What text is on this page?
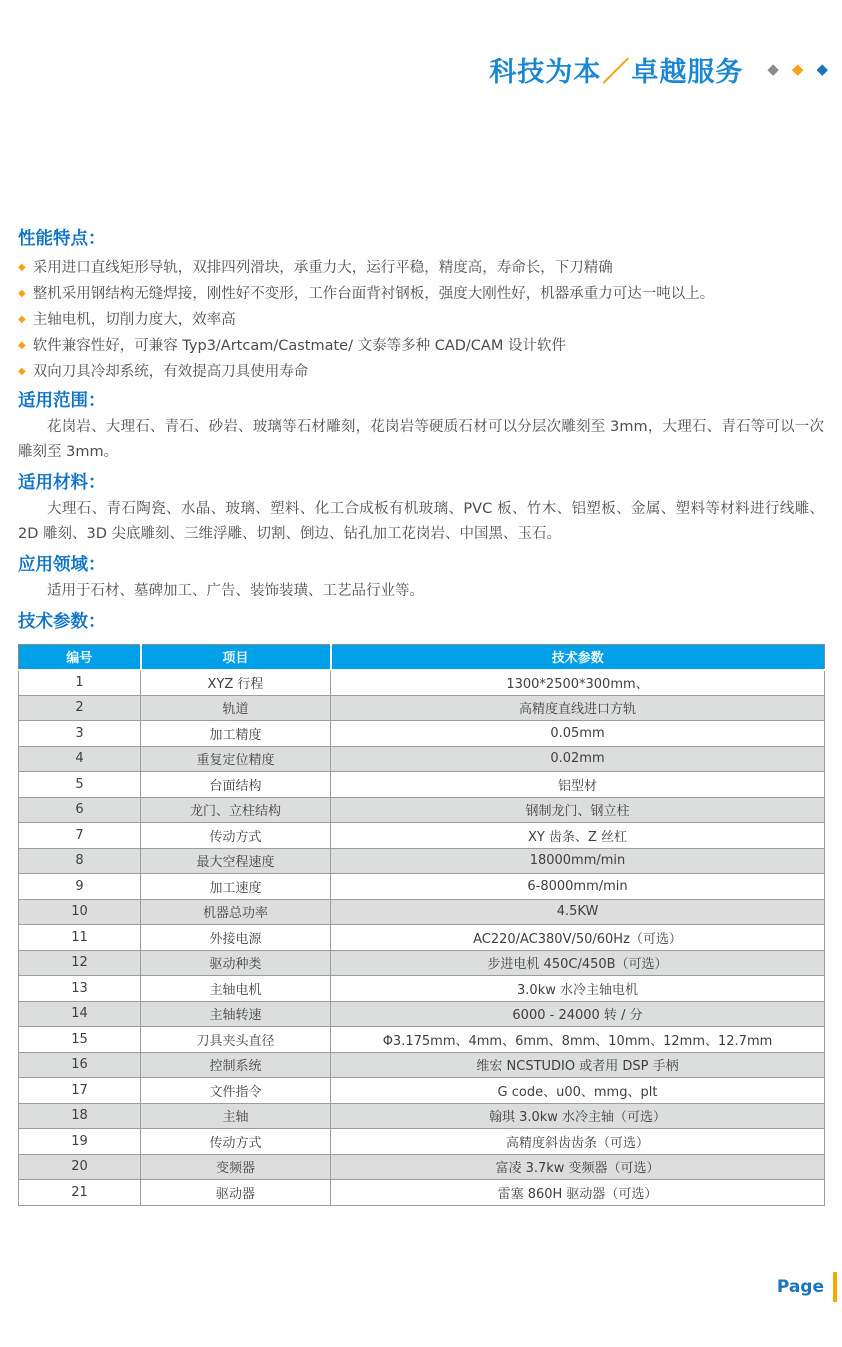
科技为本／卓越服务 ◆ ◆ ◆
性能特点：
◆ 采用进口直线矩形导轨，双排四列滑块，承重力大，运行平稳，精度高，寿命长，下刀精确
◆ 整机采用钢结构无缝焊接，刚性好不变形，工作台面背衬钢板，强度大刚性好，机器承重力可达一吨以上。
◆ 主轴电机，切削力度大，效率高
◆ 软件兼容性好，可兼容 Typ3/Artcam/Castmate/ 文泰等多种 CAD/CAM 设计软件
◆ 双向刀具冷却系统，有效提高刀具使用寿命
适用范围：

花岗岩、大理石、青石、砂岩、玻璃等石材雕刻，花岗岩等硬质石材可以分层次雕刻至 3mm，大理石、青石等可以一次雕刻至 3mm。

适用材料：

大理石、青石陶瓷、水晶、玻璃、塑料、化工合成板有机玻璃、PVC 板、竹木、铝塑板、金属、塑料等材料进行线雕、2D 雕刻、3D 尖底雕刻、三维浮雕、切割、倒边、钻孔加工花岗岩、中国黑、玉石。

应用领域：

适用于石材、墓碑加工、广告、装饰装璜、工艺品行业等。

技术参数：
编号	项目	技术参数
1	XYZ 行程	1300*2500*300mm、
2	轨道	高精度直线进口方轨
3	加工精度	0.05mm
4	重复定位精度	0.02mm
5	台面结构	铝型材
6	龙门、立柱结构	钢制龙门、钢立柱
7	传动方式	XY 齿条、Z 丝杠
8	最大空程速度	18000mm/min
9	加工速度	6-8000mm/min
10	机器总功率	4.5KW
11	外接电源	AC220/AC380V/50/60Hz（可选）
12	驱动种类	步进电机 450C/450B（可选）
13	主轴电机	3.0kw 水冷主轴电机
14	主轴转速	6000 - 24000 转 / 分
15	刀具夹头直径	Φ3.175mm、4mm、6mm、8mm、10mm、12mm、12.7mm
16	控制系统	维宏 NCSTUDIO 或者用 DSP 手柄
17	文件指令	G code、u00、mmg、plt
18	主轴	翰琪 3.0kw 水冷主轴（可选）
19	传动方式	高精度斜齿齿条（可选）
20	变频器	富凌 3.7kw 变频器（可选）
21	驱动器	雷塞 860H 驱动器（可选）
Page
